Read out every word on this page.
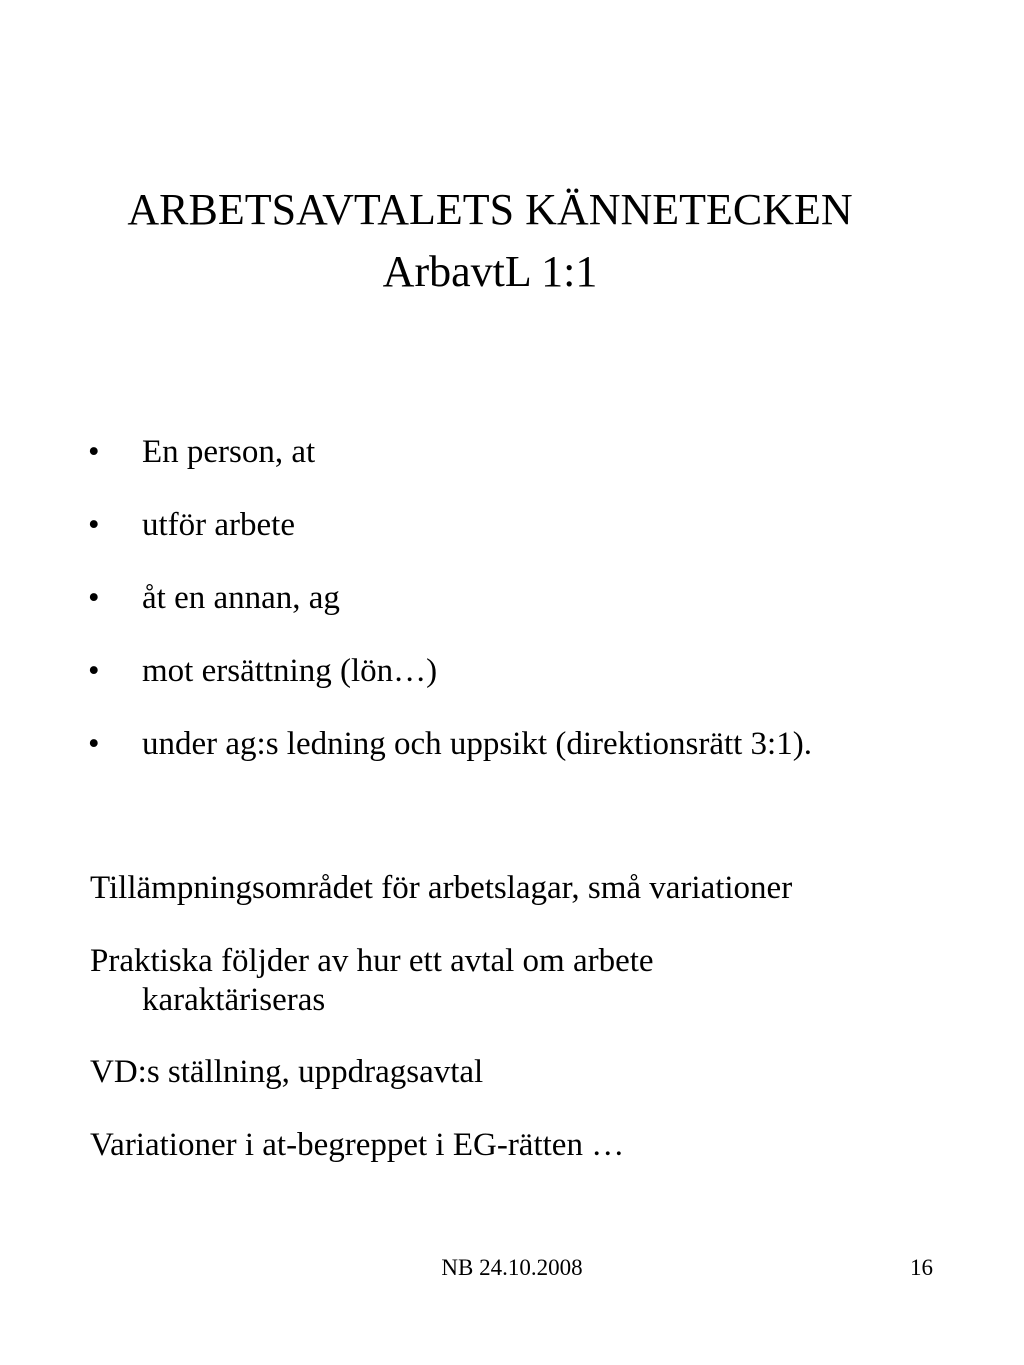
ARBETSAVTALETS KÄNNETECKEN
ArbavtL 1:1
• En person, at
• utför arbete
• åt en annan, ag
• mot ersättning (lön…)
• under ag:s ledning och uppsikt (direktionsrätt 3:1).

Tillämpningsområdet för arbetslagar, små variationer

Praktiska följder av hur ett avtal om arbete
karaktäriseras

VD:s ställning, uppdragsavtal

Variationer i at-begreppet i EG-rätten …

NB 24.10.2008	16
